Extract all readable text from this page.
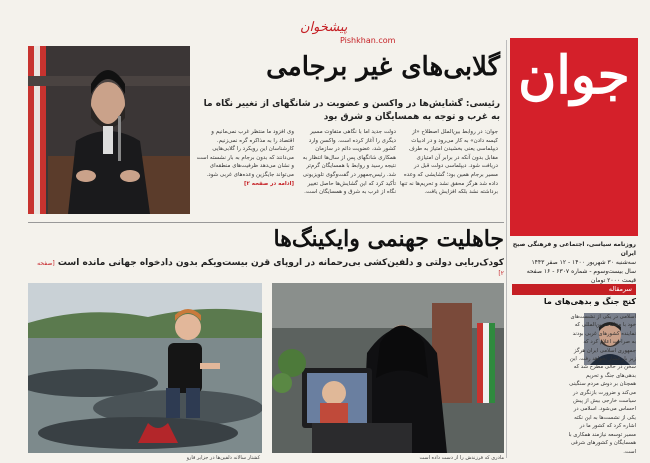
جوان
روزنامه سیاسی، اجتماعی و فرهنگی صبح ایران
سه‌شنبه ۳۰ شهریور ۱۴۰۰ - ۱۲ صفر ۱۴۴۳
سال بیست‌وسوم - شماره ۶۳۰۷ - ۱۶ صفحه
قیمت ۲۰۰۰ تومان
پیشخوان
Pishkhan.com
گلابی‌های غیر برجامی
رئیسی: گشایش‌ها در واکسن و عضویت در شانگهای از تغییر نگاه ما به غرب و توجه به همسایگان و شرق بود
جوان: در روابط بین‌الملل اصطلاح «از کیسه دادن» به کار می‌رود و در ادبیات دیپلماسی یعنی بخشیدن امتیاز به طرف مقابل بدون آنکه در برابر آن امتیازی دریافت شود. دیپلماسی دولت قبل در مسیر برجام همین بود؛ گشایشی که وعده داده شد هرگز محقق نشد و تحریم‌ها نه تنها برداشته نشد بلکه افزایش یافت.
دولت جدید اما با نگاهی متفاوت مسیر دیگری را آغاز کرده است. واکسن وارد کشور شد، عضویت دائم در سازمان همکاری شانگهای پس از سال‌ها انتظار به نتیجه رسید و روابط با همسایگان گرم‌تر شد. رئیس‌جمهور در گفت‌وگوی تلویزیونی تأکید کرد که این گشایش‌ها حاصل تغییر نگاه از غرب به شرق و همسایگان است.
وی افزود ما منتظر غرب نمی‌مانیم و اقتصاد را به مذاکره گره نمی‌زنیم. کارشناسان این رویکرد را گلابی‌هایی می‌دانند که بدون برجام به بار نشسته است و نشان می‌دهد ظرفیت‌های منطقه‌ای می‌تواند جایگزین وعده‌های غربی شود. [ادامه در صفحه ۲]
جاهلیت جهنمی وایکینگ‌ها
کودک‌ربایی دولتی و دلفین‌کشی بی‌رحمانه در اروپای قرن بیست‌ویکم بدون دادخواه جهانی مانده است [صفحه ۲]
کشتار سالانه دلفین‌ها در جزایر فارو	مادری که فرزندش را از دست داده است
سرمقاله
کنج جنگ و بدهی‌های ما

اسلامی در یکی از نشست‌های خود با مقامات بین‌المللی که نماینده کشورهای غربی بودند به صراحت اعلام کرد که جمهوری اسلامی ایران هرگز زیر بار فشار نخواهد رفت. این سخن در حالی مطرح شد که بدهی‌های جنگ و تحریم همچنان بر دوش مردم سنگینی می‌کند و ضرورت بازنگری در سیاست خارجی بیش از پیش احساس می‌شود. اسلامی در یکی از نشست‌ها به این نکته اشاره کرد که کشور ما در مسیر توسعه نیازمند همکاری با همسایگان و کشورهای شرقی است.
